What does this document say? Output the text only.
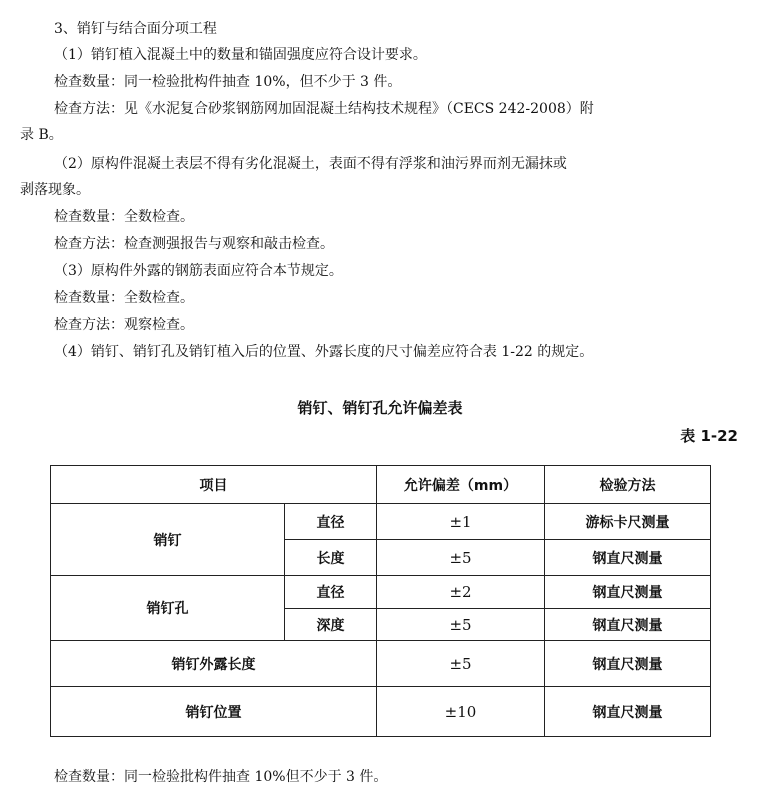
3、销钉与结合面分项工程
（1）销钉植入混凝土中的数量和锚固强度应符合设计要求。
检查数量：同一检验批构件抽查 10%，但不少于 3 件。
检查方法：见《水泥复合砂浆钢筋网加固混凝土结构技术规程》（CECS 242-2008）附
录 B。
（2）原构件混凝土表层不得有劣化混凝土，表面不得有浮浆和油污界而剂无漏抹或
剥落现象。
检查数量：全数检查。
检查方法：检查测强报告与观察和敲击检查。
（3）原构件外露的钢筋表面应符合本节规定。
检查数量：全数检查。
检查方法：观察检查。
（4）销钉、销钉孔及销钉植入后的位置、外露长度的尺寸偏差应符合表 1-22 的规定。
销钉、销钉孔允许偏差表
表 1-22
项目		允许偏差（mm）	检验方法
销钉	直径	±1	游标卡尺测量
	长度	±5	钢直尺测量
销钉孔	直径	±2	钢直尺测量
	深度	±5	钢直尺测量
销钉外露长度		±5	钢直尺测量
销钉位置		±10	钢直尺测量
检查数量：同一检验批构件抽查 10%但不少于 3 件。
